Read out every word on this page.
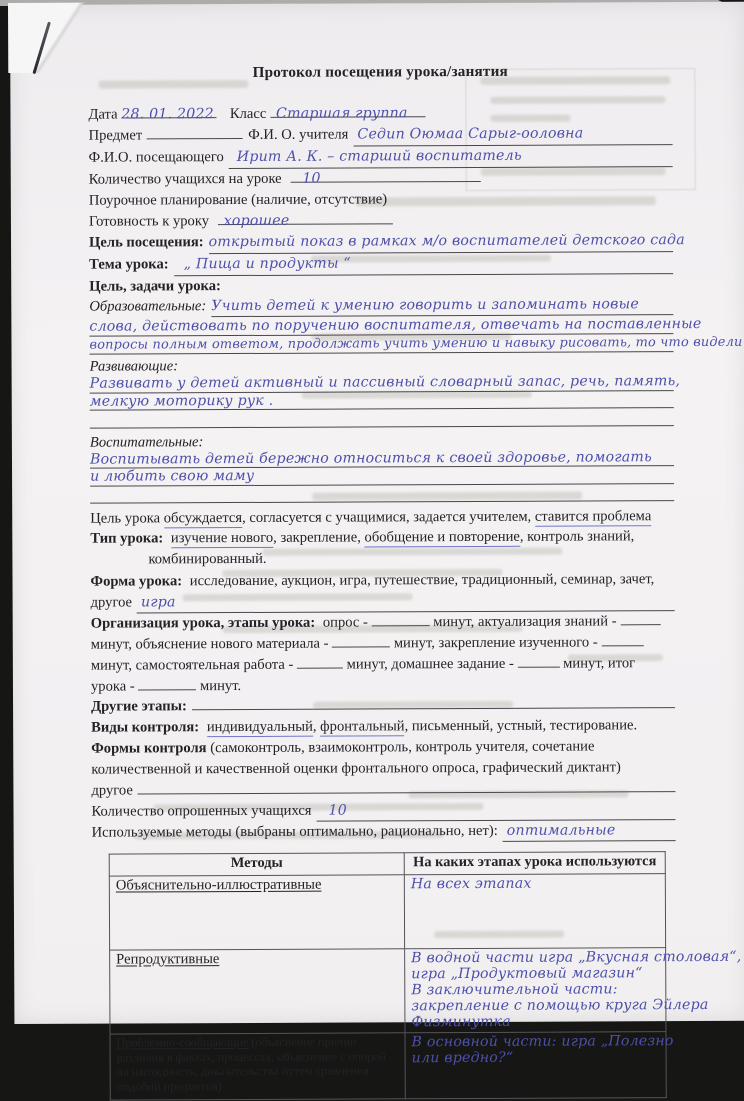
Протокол посещения урока/занятия
Дата 28. 01. 2022 Класс Старшая группа
Предмет	Ф.И. О. учителя Седип Оюмаа Сарыг-ооловна
Ф.И.О. посещающего Ирит А. К. – старший воспитатель
Количество учащихся на уроке 10
Поурочное планирование (наличие, отсутствие)
Готовность к уроку хорошее
Цель посещения: открытый показ в рамках м/о воспитателей детского сада
Тема урока:	„ Пища и продукты “
Цель, задачи урока:
Образовательные: Учить детей к умению говорить и запоминать новые
слова, действовать по поручению воспитателя, отвечать на поставленные
вопросы полным ответом, продолжать учить умению и навыку рисовать, то что видели
Развивающие:
Развивать у детей активный и пассивный словарный запас, речь, память,
мелкую моторику рук .
Воспитательные:
Воспитывать детей бережно относиться к своей здоровье, помогать
и любить свою маму
Цель урока обсуждается, согласуется с учащимися, задается учителем, ставится проблема
Тип урока: изучение нового, закрепление, обобщение и повторение, контроль знаний,
комбинированный.
Форма урока: исследование, аукцион, игра, путешествие, традиционный, семинар, зачет,
другое игра
Организация урока, этапы урока: опрос -	минут, актуализация знаний -
минут, объяснение нового материала -	минут, закрепление изученного -
минут, самостоятельная работа -	минут, домашнее задание -	минут, итог
урока -	минут.
Другие этапы:
Виды контроля: индивидуальный, фронтальный, письменный, устный, тестирование.
Формы контроля (самоконтроль, взаимоконтроль, контроль учителя, сочетание
количественной и качественной оценки фронтального опроса, графический диктант)
другое
Количество опрошенных учащихся	10
Используемые методы (выбраны оптимально, рационально, нет): оптимальные
Методы	На каких этапах урока используются
Объяснительно-иллюстративные	На всех этапах

Репродуктивные	В водной части игра „Вкусная столовая“,
игра „Продуктовый магазин“
В заключительной части:
закрепление с помощью круга Эйлера
Физминутка

Проблемно-сообщающие (объяснение причин различия в фактах, процессах, объяснение с опорой на наглядность, доказательства путем сравнения подобий предметов)	В основной части: игра „Полезно
или вредно?“
